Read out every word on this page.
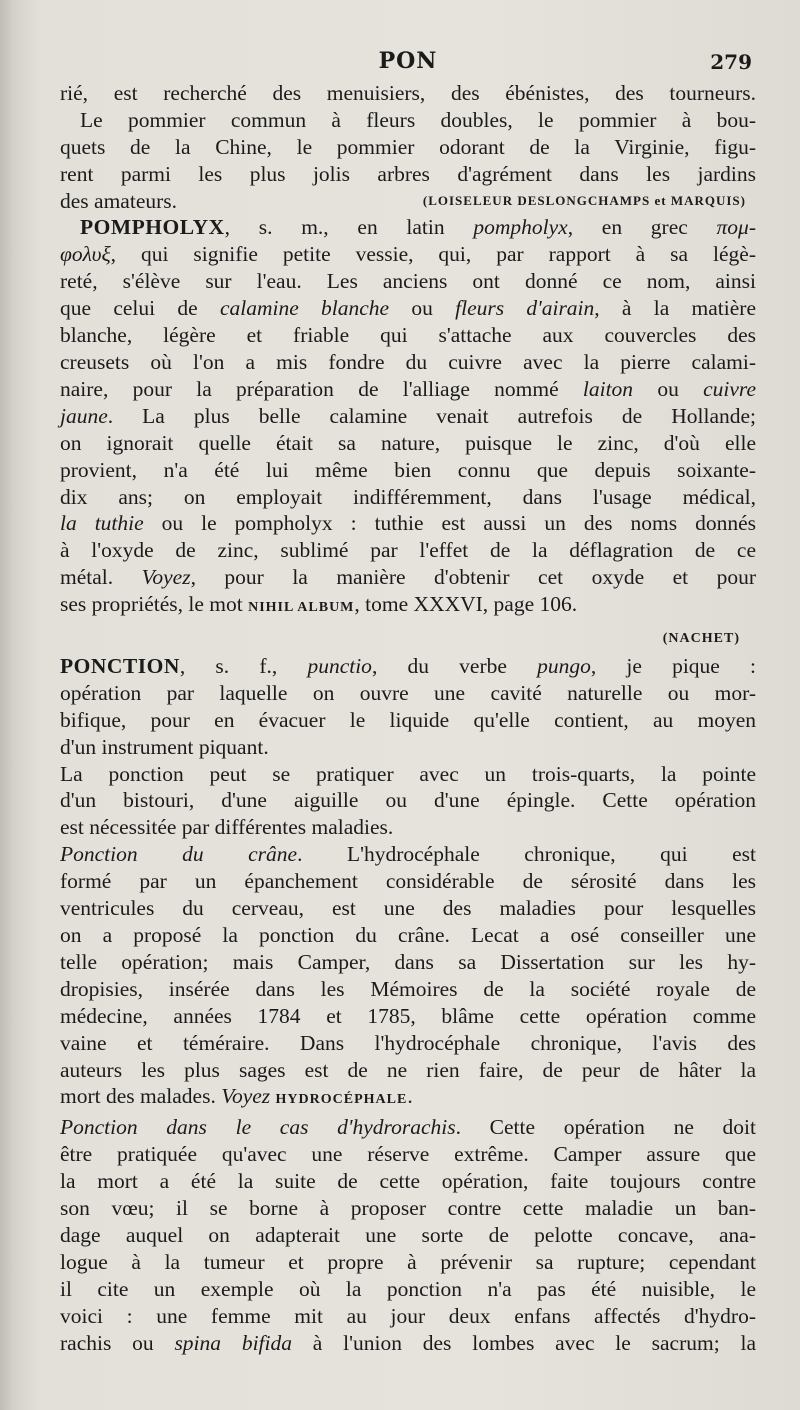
PON	279
rié, est recherché des menuisiers, des ébénistes, des tourneurs.
Le pommier commun à fleurs doubles, le pommier à bou-
quets de la Chine, le pommier odorant de la Virginie, figu-
rent parmi les plus jolis arbres d'agrément dans les jardins
des amateurs.	(LOISELEUR DESLONGCHAMPS et MARQUIS)
POMPHOLYX, s. m., en latin pompholyx, en grec πομ-
φολυξ, qui signifie petite vessie, qui, par rapport à sa légè-
reté, s'élève sur l'eau. Les anciens ont donné ce nom, ainsi
que celui de calamine blanche ou fleurs d'airain, à la matière
blanche, légère et friable qui s'attache aux couvercles des
creusets où l'on a mis fondre du cuivre avec la pierre calami-
naire, pour la préparation de l'alliage nommé laiton ou cuivre
jaune. La plus belle calamine venait autrefois de Hollande;
on ignorait quelle était sa nature, puisque le zinc, d'où elle
provient, n'a été lui même bien connu que depuis soixante-
dix ans; on employait indifféremment, dans l'usage médical,
la tuthie ou le pompholyx : tuthie est aussi un des noms donnés
à l'oxyde de zinc, sublimé par l'effet de la déflagration de ce
métal. Voyez, pour la manière d'obtenir cet oxyde et pour
ses propriétés, le mot NIHIL ALBUM, tome XXXVI, page 106.
(NACHET)
PONCTION, s. f., punctio, du verbe pungo, je pique :
opération par laquelle on ouvre une cavité naturelle ou mor-
bifique, pour en évacuer le liquide qu'elle contient, au moyen
d'un instrument piquant.
La ponction peut se pratiquer avec un trois-quarts, la pointe
d'un bistouri, d'une aiguille ou d'une épingle. Cette opération
est nécessitée par différentes maladies.
Ponction du crâne. L'hydrocéphale chronique, qui est
formé par un épanchement considérable de sérosité dans les
ventricules du cerveau, est une des maladies pour lesquelles
on a proposé la ponction du crâne. Lecat a osé conseiller une
telle opération; mais Camper, dans sa Dissertation sur les hy-
dropisies, insérée dans les Mémoires de la société royale de
médecine, années 1784 et 1785, blâme cette opération comme
vaine et téméraire. Dans l'hydrocéphale chronique, l'avis des
auteurs les plus sages est de ne rien faire, de peur de hâter la
mort des malades. Voyez HYDROCÉPHALE.
Ponction dans le cas d'hydrorachis. Cette opération ne doit
être pratiquée qu'avec une réserve extrême. Camper assure que
la mort a été la suite de cette opération, faite toujours contre
son vœu; il se borne à proposer contre cette maladie un ban-
dage auquel on adapterait une sorte de pelotte concave, ana-
logue à la tumeur et propre à prévenir sa rupture; cependant
il cite un exemple où la ponction n'a pas été nuisible, le
voici : une femme mit au jour deux enfans affectés d'hydro-
rachis ou spina bifida à l'union des lombes avec le sacrum; la
